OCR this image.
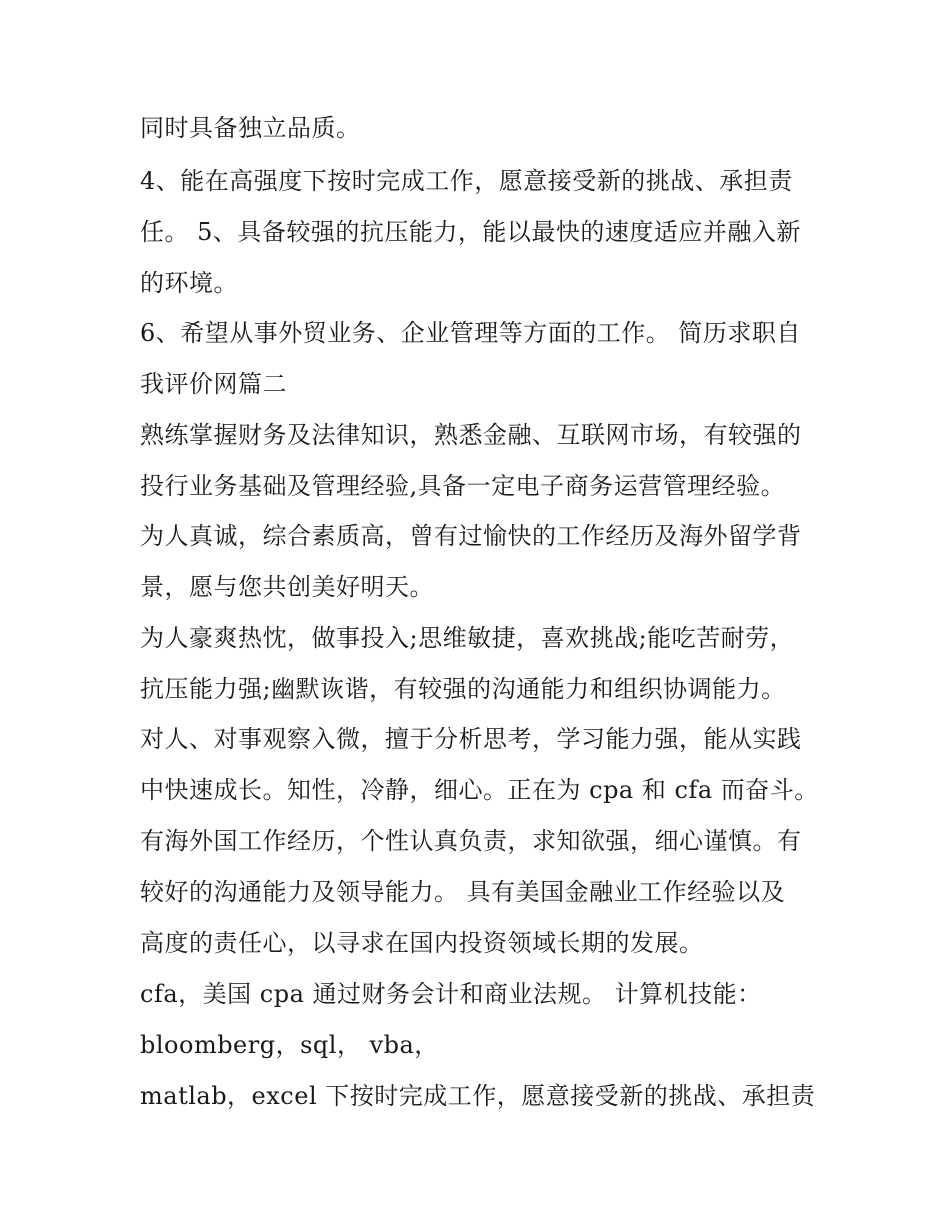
同时具备独立品质。
4、能在高强度下按时完成工作，愿意接受新的挑战、承担责
任。 5、具备较强的抗压能力，能以最快的速度适应并融入新
的环境。
6、希望从事外贸业务、企业管理等方面的工作。 简历求职自
我评价网篇二
熟练掌握财务及法律知识，熟悉金融、互联网市场，有较强的
投行业务基础及管理经验,具备一定电子商务运营管理经验。
为人真诚，综合素质高，曾有过愉快的工作经历及海外留学背
景，愿与您共创美好明天。
为人豪爽热忱，做事投入;思维敏捷，喜欢挑战;能吃苦耐劳，
抗压能力强;幽默诙谐，有较强的沟通能力和组织协调能力。
对人、对事观察入微，擅于分析思考，学习能力强，能从实践
中快速成长。知性，冷静，细心。正在为 cpa 和 cfa 而奋斗。
有海外国工作经历，个性认真负责，求知欲强，细心谨慎。有
较好的沟通能力及领导能力。 具有美国金融业工作经验以及
高度的责任心，以寻求在国内投资领域长期的发展。
cfa，美国 cpa 通过财务会计和商业法规。 计算机技能：
bloomberg，sql， vba，
matlab，excel 下按时完成工作，愿意接受新的挑战、承担责
